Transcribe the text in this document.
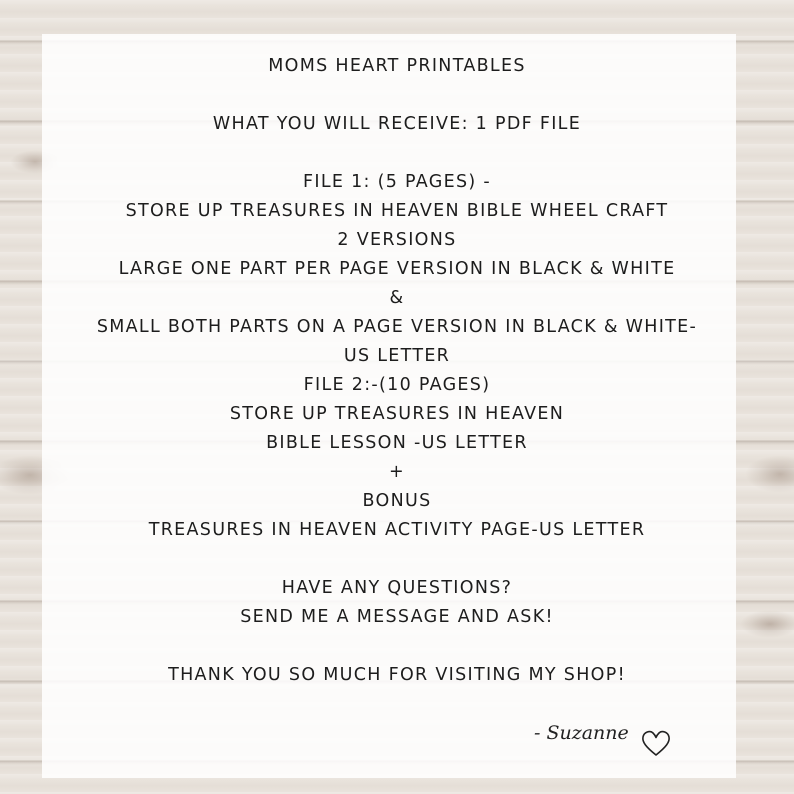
MOMS HEART PRINTABLES
WHAT YOU WILL RECEIVE: 1 PDF FILE
FILE 1: (5 PAGES) -
STORE UP TREASURES IN HEAVEN BIBLE WHEEL CRAFT
2 VERSIONS
LARGE ONE PART PER PAGE VERSION IN BLACK & WHITE
&
SMALL BOTH PARTS ON A PAGE VERSION IN BLACK & WHITE-
US LETTER
FILE 2:-(10 PAGES)
STORE UP TREASURES IN HEAVEN
BIBLE LESSON -US LETTER
+
BONUS
TREASURES IN HEAVEN ACTIVITY PAGE-US LETTER
HAVE ANY QUESTIONS?
SEND ME A MESSAGE AND ASK!
THANK YOU SO MUCH FOR VISITING MY SHOP!
- Suzanne
